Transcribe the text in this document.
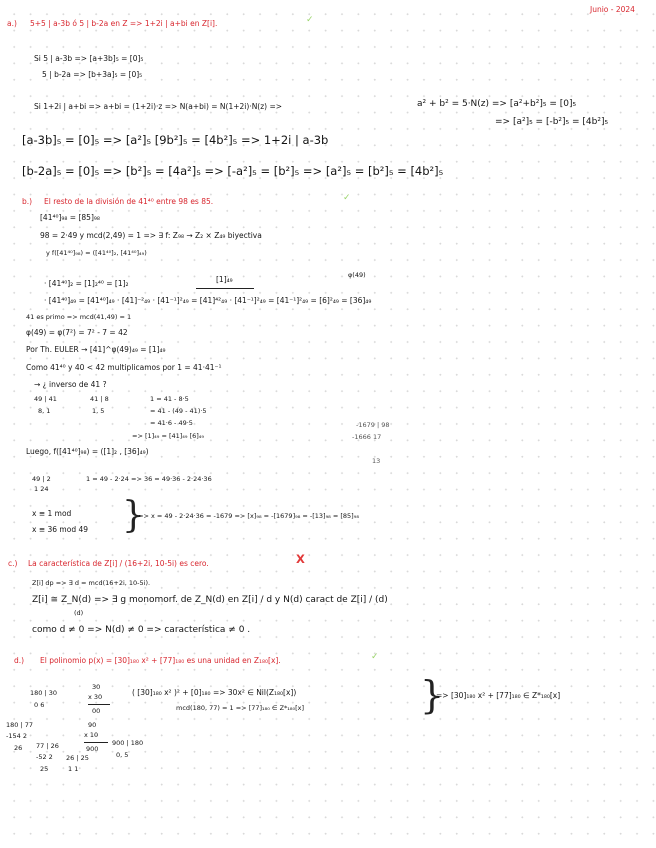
Junio - 2024
a.) 5+5 | a-3b ó 5 | b-2a en Z => 1+2i | a+bi en Z[i].	✓
Si 5 | a-3b => [a+3b]₅ = [0]₅
5 | b-2a => [b+3a]₅ = [0]₅
Si 1+2i | a+bi => a+bi = (1+2i)·z => N(a+bi) = N(1+2i)·N(z) =>	a² + b² = 5·N(z) => [a²+b²]₅ = [0]₅
=> [a²]₅ = [-b²]₅ = [4b²]₅
[a-3b]₅ = [0]₅ => [a²]₅ [9b²]₅ = [4b²]₅ => 1+2i | a-3b
[b-2a]₅ = [0]₅ => [b²]₅ = [4a²]₅ => [-a²]₅ = [b²]₅ => [a²]₅ = [b²]₅ = [4b²]₅
b.) El resto de la división de 41⁴⁰ entre 98 es 85.	✓
[41⁴⁰]₉₈ = [85]₉₈
98 = 2·49 y mcd(2,49) = 1 => ∃ f: Z₉₈ → Z₂ × Z₄₉ biyectiva
y f([41⁴⁰]₉₈) = ([41⁴⁰]₂, [41⁴⁰]₄₉)
[1]₄₉
· [41⁴⁰]₂ = [1]₂⁴⁰ = [1]₂
φ(49)
· [41⁴⁰]₄₉ = [41⁴⁰]₄₉ · [41]⁻²₄₉ · [41⁻¹]²₄₉ = [41]⁴²₄₉ · [41⁻¹]²₄₉ = [41⁻¹]²₄₉ = [6]²₄₉ = [36]₄₉
41 es primo => mcd(41,49) = 1
φ(49) = φ(7²) = 7² - 7 = 42
Por Th. EULER → [41]^φ(49)₄₉ = [1]₄₉
Como 41⁴⁰ y 40 < 42 multiplicamos por 1 = 41·41⁻¹
→ ¿ inverso de 41 ?
49 | 41
8, 1
41 | 8
1, 5
1 = 41 - 8·5
= 41 - (49 - 41)·5
= 41·6 - 49·5
=> [1]₄₉ = [41]₄₉ [6]₄₉
-1679 | 98
-1666 17
13
Luego, f([41⁴⁰]₉₈) = ([1]₂ , [36]₄₉)
49 | 2
1 24
1 = 49 - 2·24 => 36 = 49·36 - 2·24·36
x ≡ 1 mod
x ≡ 36 mod 49 }
=> x = 49 - 2·24·36 = -1679 => [x]₉₈ = -[1679]₉₈ = -[13]₉₈ = [85]₉₈
c.) La característica de Z[i] / (16+2i, 10-5i) es cero.	X
Z[i] dp => ∃ d = mcd(16+2i, 10-5i).
Z[i] ≅ Z_N(d) => ∃ g monomorf. de Z_N(d) en Z[i] / d y N(d) caract de Z[i] / (d)
(d)
como d ≠ 0 => N(d) ≠ 0 => característica ≠ 0 .
d.) El polinomio p(x) = [30]₁₈₀ x² + [77]₁₈₀ es una unidad en Z₁₈₀[x].	✓
180 | 30
0 6
30
x 30
00
( [30]₁₈₀ x² )² + [0]₁₈₀ => 30x² ∈ Nil(Z₁₈₀[x])
mcd(180, 77) = 1 => [77]₁₈₀ ∈ Z*₁₈₀[x]	}
=> [30]₁₈₀ x² + [77]₁₈₀ ∈ Z*₁₈₀[x]
180 | 77
-154 2
26 77 | 26
-52 2
25
26 | 25
1 1
90
x 10
900
900 | 180
0, 5
